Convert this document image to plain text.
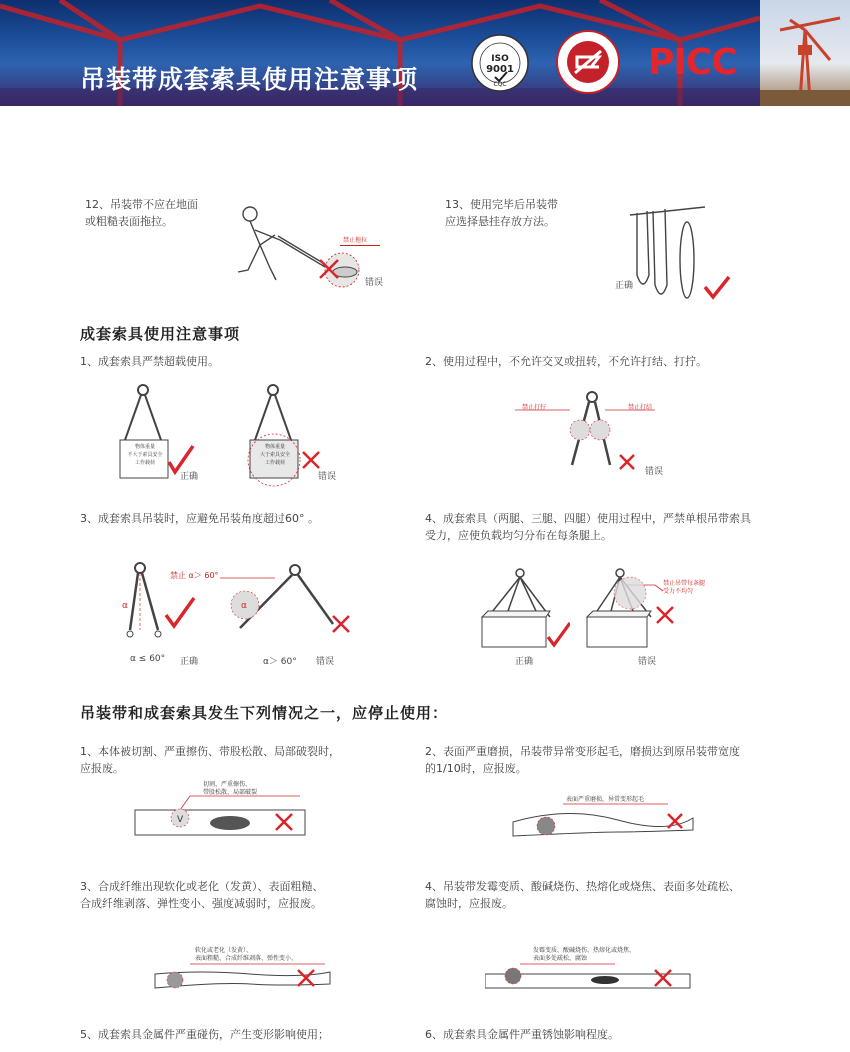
吊装带成套索具使用注意事项
ISO
9001
CQC
PICC
12、吊装带不应在地面
或粗糙表面拖拉。
禁止拖拉
错误
13、使用完毕后吊装带
应选择悬挂存放方法。
正确
成套索具使用注意事项
1、成套索具严禁超载使用。	2、使用过程中，不允许交叉或扭转，不允许打结、打拧。
物体重量
不大于索具安全
工作载荷
正确
物体重量
大于索具安全
工作载荷
错误
禁止打拧	禁止打结
错误
3、成套索具吊装时，应避免吊装角度超过60° 。	4、成套索具（两腿、三腿、四腿）使用过程中，严禁单根吊带索具
受力，应使负载均匀分布在每条腿上。
α
α ≤ 60° 正确
α
禁止 α＞ 60°
α＞ 60° 错误	正确
禁止吊带每条腿
受力不均匀
错误
吊装带和成套索具发生下列情况之一，应停止使用：
1、本体被切割、严重擦伤、带股松散、局部破裂时，
应报废。
2、表面严重磨损，吊装带异常变形起毛，磨损达到原吊装带宽度
的1/10时，应报废。
V
切割、严重擦伤、
带股松散、局部破裂
表面严重磨损，异常变形起毛
3、合成纤维出现软化或老化（发黄）、表面粗糙、
合成纤维剥落、弹性变小、强度减弱时，应报废。
4、吊装带发霉变质、酸碱烧伤、热熔化或烧焦、表面多处疏松、
腐蚀时，应报废。
软化或老化（发黄）、
表面粗糙、合成纤维剥落、弹性变小、
发霉变质、酸碱烧伤、热熔化或烧焦、
表面多处疏松、腐蚀
5、成套索具金属件严重碰伤，产生变形影响使用；	6、成套索具金属件严重锈蚀影响程度。
